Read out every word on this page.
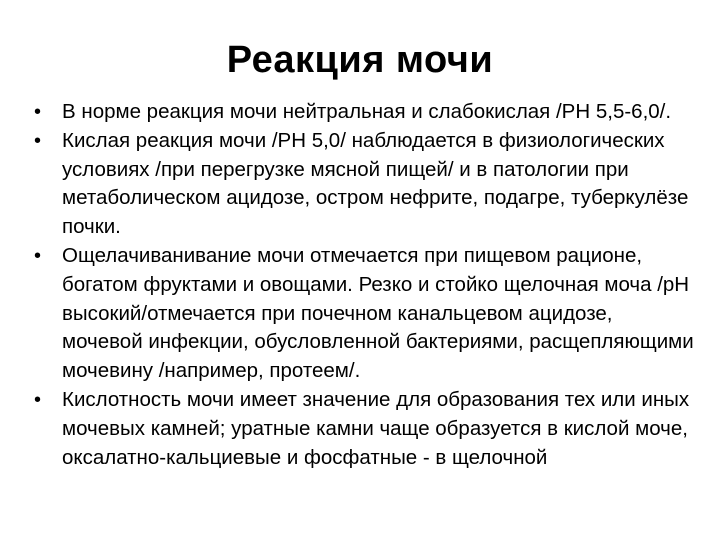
Реакция мочи
•	В норме реакция мочи нейтральная и слабокислая /PH 5,5-6,0/.
•	Кислая реакция мочи /PH 5,0/ наблюдается в физиологических условиях /при перегрузке мясной пищей/ и в патологии при метаболическом ацидозе, остром нефрите, подагре, туберкулёзе почки.
•	Ощелачиванивание мочи отмечается при пищевом рационе, богатом фруктами и овощами. Резко и стойко щелочная моча /рН высокий/отмечается при почечном канальцевом ацидозе, мочевой инфекции, обусловленной бактериями, расщепляющими мочевину /например, протеем/.
•	Кислотность мочи имеет значение для образования тех или иных мочевых камней; уратные камни чаще образуется в кислой моче, оксалатно-кальциевые и фосфатные - в щелочной
